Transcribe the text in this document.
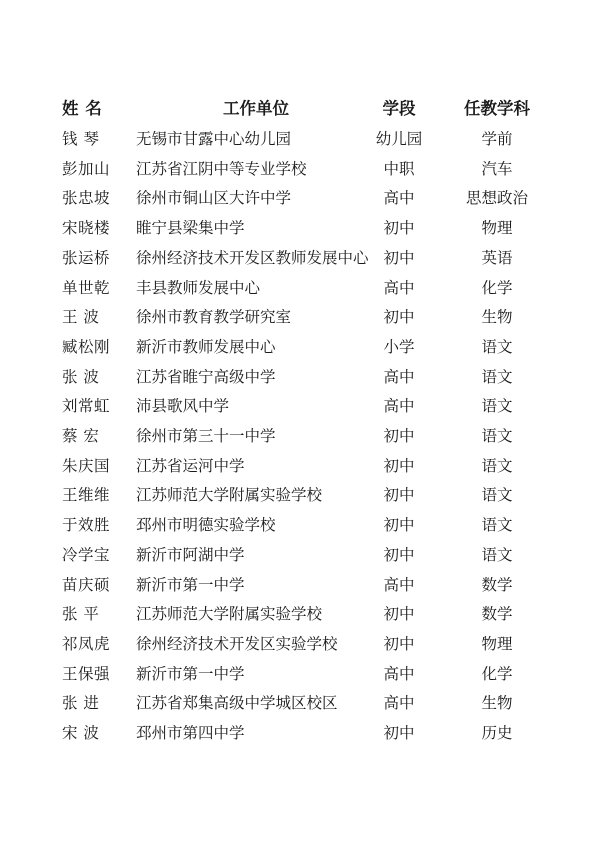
姓 名	工作单位	学段	任教学科
钱 琴	无锡市甘露中心幼儿园	幼儿园	学前
彭加山	江苏省江阴中等专业学校	中职	汽车
张忠坡	徐州市铜山区大许中学	高中	思想政治
宋晓楼	睢宁县梁集中学	初中	物理
张运桥	徐州经济技术开发区教师发展中心 初中	英语
单世乾	丰县教师发展中心	高中	化学
王 波	徐州市教育教学研究室	初中	生物
臧松刚	新沂市教师发展中心	小学	语文
张 波	江苏省睢宁高级中学	高中	语文
刘常虹	沛县歌风中学	高中	语文
蔡 宏	徐州市第三十一中学	初中	语文
朱庆国	江苏省运河中学	初中	语文
王维维	江苏师范大学附属实验学校	初中	语文
于效胜	邳州市明德实验学校	初中	语文
冷学宝	新沂市阿湖中学	初中	语文
苗庆硕	新沂市第一中学	高中	数学
张 平	江苏师范大学附属实验学校	初中	数学
祁凤虎	徐州经济技术开发区实验学校	初中	物理
王保强	新沂市第一中学	高中	化学
张 进	江苏省郑集高级中学城区校区	高中	生物
宋 波	邳州市第四中学	初中	历史
